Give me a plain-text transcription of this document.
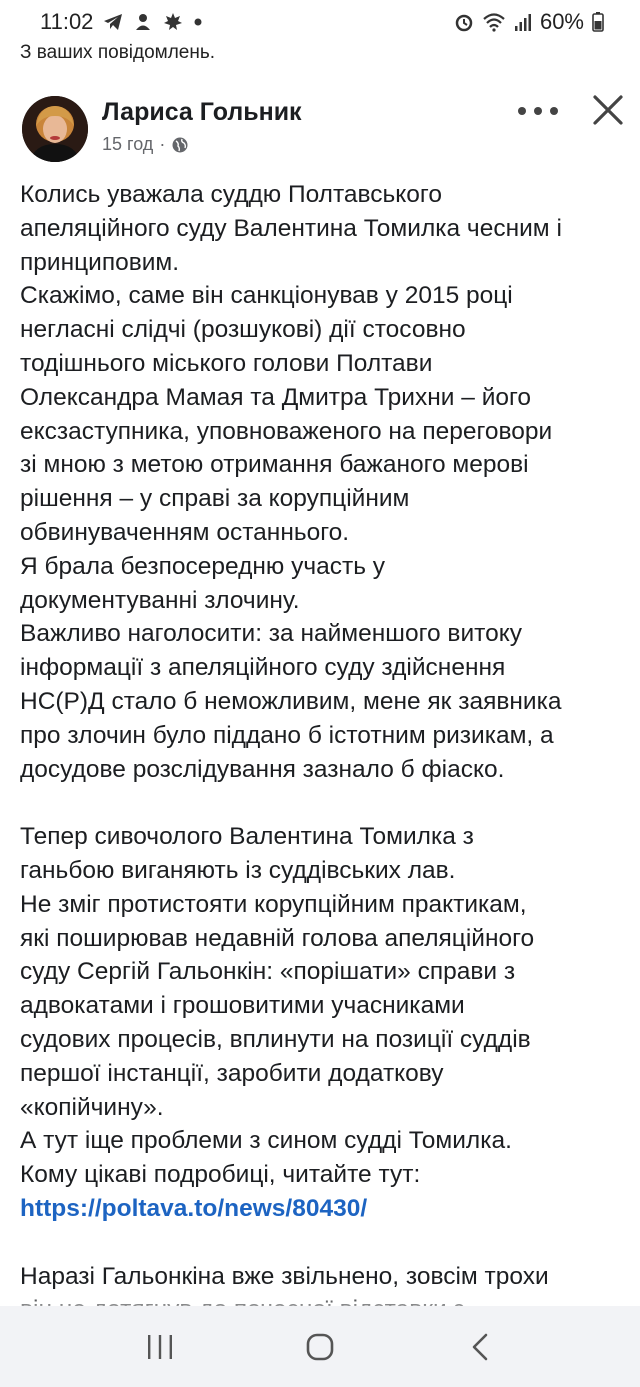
11:02	60%
З ваших повідомлень.
Лариса Гольник
15 год ·
Колись уважала суддю Полтавського
апеляційного суду Валентина Томилка чесним і
принциповим.
Скажімо, саме він санкціонував у 2015 році
негласні слідчі (розшукові) дії стосовно
тодішнього міського голови Полтави
Олександра Мамая та Дмитра Трихни – його
ексзаступника, уповноваженого на переговори
зі мною з метою отримання бажаного мерові
рішення – у справі за корупційним
обвинуваченням останнього.
Я брала безпосередню участь у
документуванні злочину.
Важливо наголосити: за найменшого витоку
інформації з апеляційного суду здійснення
НС(Р)Д стало б неможливим, мене як заявника
про злочин було піддано б істотним ризикам, а
досудове розслідування зазнало б фіаско.
Тепер сивочолого Валентина Томилка з
ганьбою виганяють із суддівських лав.
Не зміг протистояти корупційним практикам,
які поширював недавній голова апеляційного
суду Сергій Гальонкін: «порішати» справи з
адвокатами і грошовитими учасниками
судових процесів, вплинути на позиції суддів
першої інстанції, заробити додаткову
«копійчину».
А тут іще проблеми з сином судді Томилка.
Кому цікаві подробиці, читайте тут:
https://poltava.to/news/80430/
Наразі Гальонкіна вже звільнено, зовсім трохи
